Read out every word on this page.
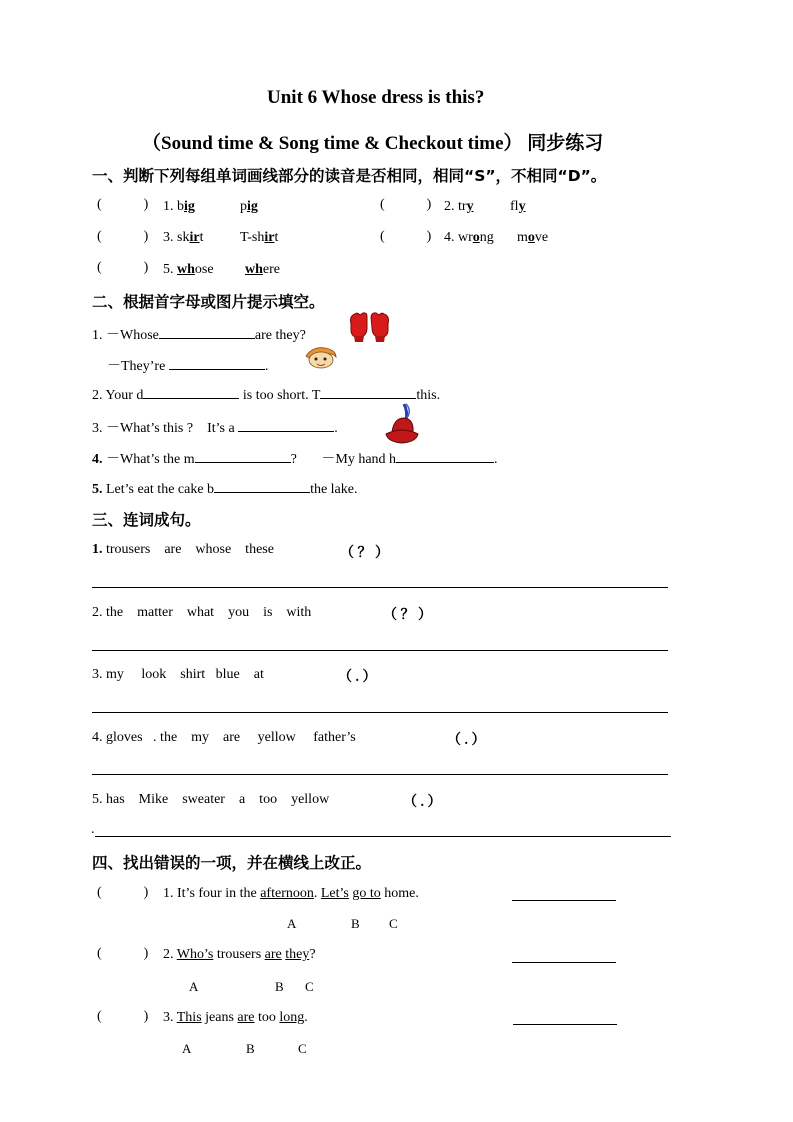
Unit 6 Whose dress is this?
（Sound time & Song time & Checkout time） 同步练习
一、判断下列每组单词画线部分的读音是否相同，相同“S”，不相同“D”。
(	) 1. big	pig	(	) 2. try	fly
(	) 3. skirt	T-shirt	(	) 4. wrong move
(	) 5. whose where
二、根据首字母或图片提示填空。
1. －Whose	are they?
－They’re	.
2. Your d	is too short. T	this.
3. －What’s this ? It’s a	.
4. －What’s the m	? －My hand h	.
5. Let’s eat the cake b	the lake.
三、连词成句。
1. trousers    are    whose    these	（ ？ ）
2. the    matter    what    you    is    with	（ ？ ）
3. my     look    shirt   blue    at	（ . ）
4. gloves   . the    my    are     yellow     father’s	（ . ）
5. has    Mike    sweater    a    too    yellow	（ . ）
.
四、找出错误的一项，并在横线上改正。
(	) 1. It’s four in the afternoon. Let’s go to home.
A	B C
(	) 2. Who’s trousers are they?
A	B C
(	) 3. This jeans are too long.
A	B	C
